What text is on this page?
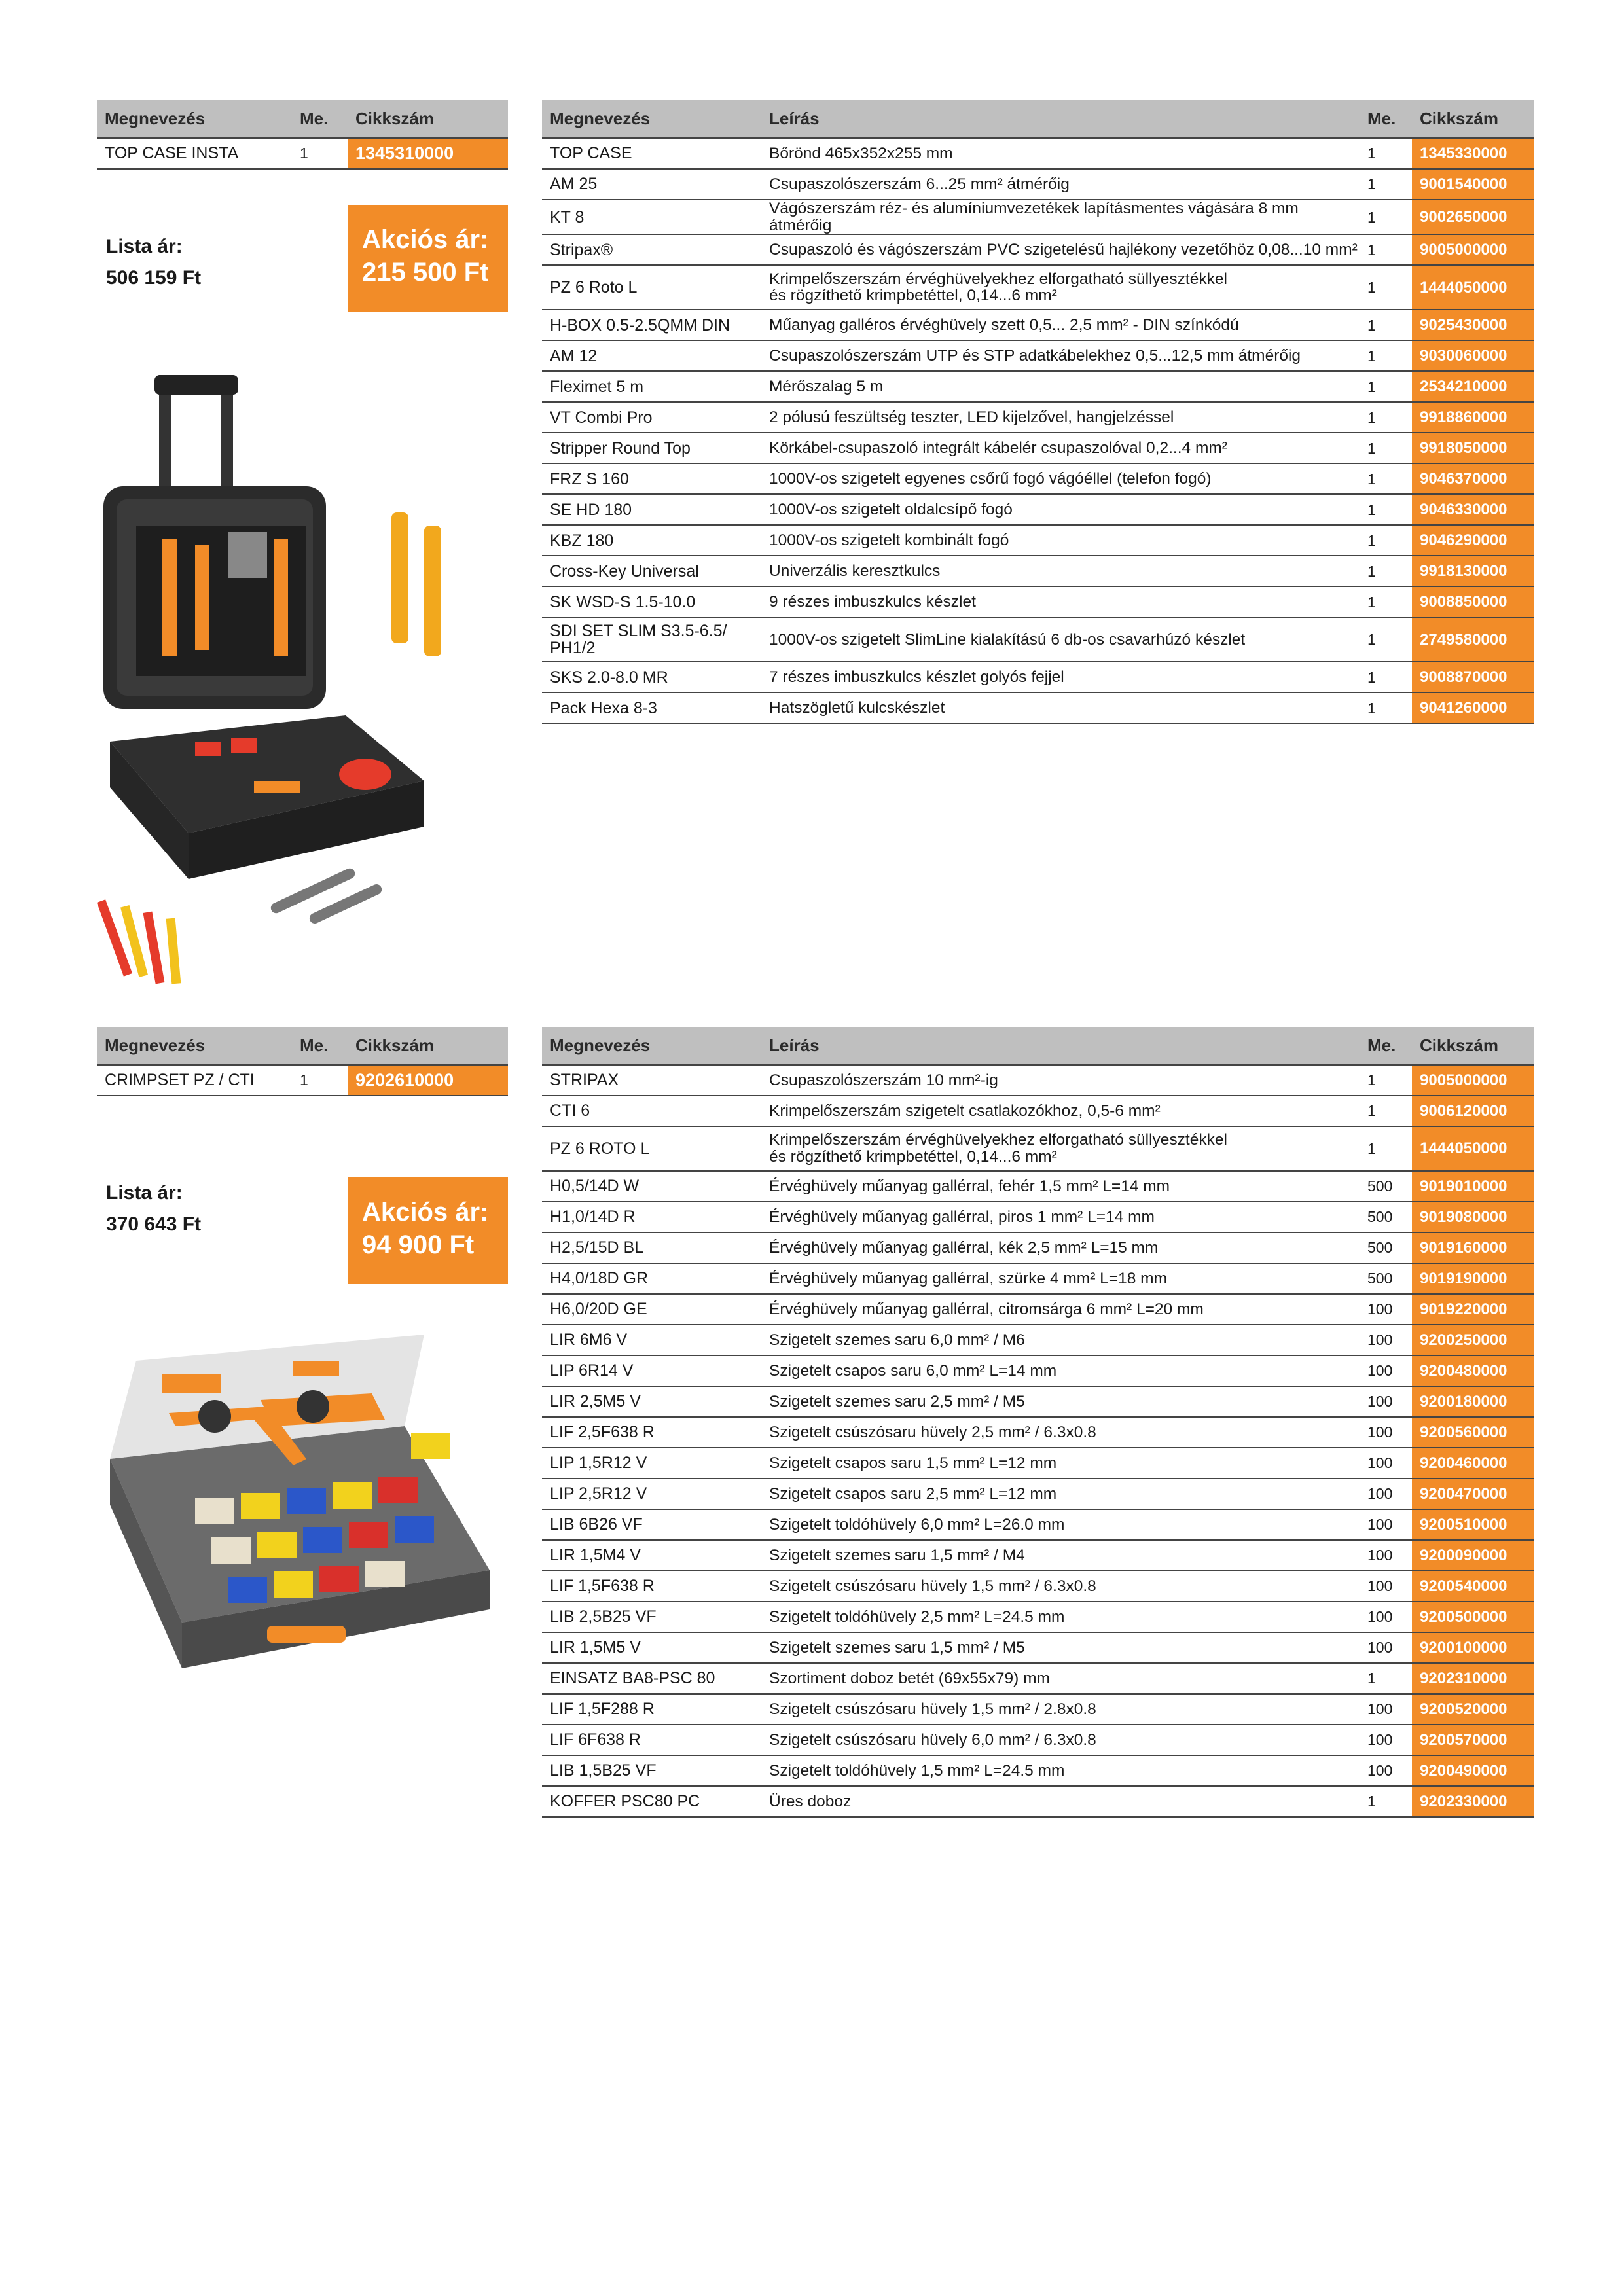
Megnevezés	Me.	Cikkszám
TOP CASE INSTA	1	1345310000
Lista ár:
506 159 Ft
Akciós ár:
215 500 Ft
Megnevezés	Leírás	Me.	Cikkszám
TOP CASE	Bőrönd 465x352x255 mm	1	1345330000
AM 25	Csupaszolószerszám 6...25 mm² átmérőig	1	9001540000
KT 8	Vágószerszám réz- és alumíniumvezetékek lapításmentes vágására 8 mm átmérőig	1	9002650000
Stripax®	Csupaszoló és vágószerszám PVC szigetelésű hajlékony vezetőhöz 0,08...10 mm²	1	9005000000
PZ 6 Roto L	Krimpelőszerszám érvéghüvelyekhez elforgatható süllyesztékkel
és rögzíthető krimpbetéttel, 0,14...6 mm²	1	1444050000
H-BOX 0.5-2.5QMM DIN	Műanyag galléros érvéghüvely szett 0,5... 2,5 mm² - DIN színkódú	1	9025430000
AM 12	Csupaszolószerszám UTP és STP adatkábelekhez 0,5...12,5 mm átmérőig	1	9030060000
Fleximet 5 m	Mérőszalag 5 m	1	2534210000
VT Combi Pro	2 pólusú feszültség teszter, LED kijelzővel, hangjelzéssel	1	9918860000
Stripper Round Top	Körkábel-csupaszoló integrált kábelér csupaszolóval 0,2...4 mm²	1	9918050000
FRZ S 160	1000V-os szigetelt egyenes csőrű fogó vágóéllel (telefon fogó)	1	9046370000
SE HD 180	1000V-os szigetelt oldalcsípő fogó	1	9046330000
KBZ 180	1000V-os szigetelt kombinált fogó	1	9046290000
Cross-Key Universal	Univerzális keresztkulcs	1	9918130000
SK WSD-S 1.5-10.0	9 részes imbuszkulcs készlet	1	9008850000

SDI SET SLIM S3.5-6.5/
PH1/2	1000V-os szigetelt SlimLine kialakítású 6 db-os csavarhúzó készlet	1	2749580000
SKS 2.0-8.0 MR	7 részes imbuszkulcs készlet golyós fejjel	1	9008870000
Pack Hexa 8-3	Hatszögletű kulcskészlet	1	9041260000
Megnevezés	Me.	Cikkszám
CRIMPSET PZ / CTI	1	9202610000
Lista ár:
370 643 Ft	Akciós ár:
94 900 Ft
Megnevezés	Leírás	Me.	Cikkszám
STRIPAX	Csupaszolószerszám 10 mm²-ig	1	9005000000
CTI 6	Krimpelőszerszám szigetelt csatlakozókhoz, 0,5-6 mm²	1	9006120000
PZ 6 ROTO L	Krimpelőszerszám érvéghüvelyekhez elforgatható süllyesztékkel
és rögzíthető krimpbetéttel, 0,14...6 mm²	1	1444050000
H0,5/14D W	Érvéghüvely műanyag gallérral, fehér 1,5 mm² L=14 mm	500	9019010000
H1,0/14D R	Érvéghüvely műanyag gallérral, piros 1 mm² L=14 mm	500	9019080000
H2,5/15D BL	Érvéghüvely műanyag gallérral, kék 2,5 mm² L=15 mm	500	9019160000
H4,0/18D GR	Érvéghüvely műanyag gallérral, szürke 4 mm² L=18 mm	500	9019190000
H6,0/20D GE	Érvéghüvely műanyag gallérral, citromsárga 6 mm² L=20 mm	100	9019220000
LIR 6M6 V	Szigetelt szemes saru 6,0 mm² / M6	100	9200250000
LIP 6R14 V	Szigetelt csapos saru 6,0 mm² L=14 mm	100	9200480000
LIR 2,5M5 V	Szigetelt szemes saru 2,5 mm² / M5	100	9200180000
LIF 2,5F638 R	Szigetelt csúszósaru hüvely 2,5 mm² / 6.3x0.8	100	9200560000
LIP 1,5R12 V	Szigetelt csapos saru 1,5 mm² L=12 mm	100	9200460000
LIP 2,5R12 V	Szigetelt csapos saru 2,5 mm² L=12 mm	100	9200470000
LIB 6B26 VF	Szigetelt toldóhüvely 6,0 mm² L=26.0 mm	100	9200510000
LIR 1,5M4 V	Szigetelt szemes saru 1,5 mm² / M4	100	9200090000
LIF 1,5F638 R	Szigetelt csúszósaru hüvely 1,5 mm² / 6.3x0.8	100	9200540000
LIB 2,5B25 VF	Szigetelt toldóhüvely 2,5 mm² L=24.5 mm	100	9200500000
LIR 1,5M5 V	Szigetelt szemes saru 1,5 mm² / M5	100	9200100000
EINSATZ BA8-PSC 80	Szortiment doboz betét (69x55x79) mm	1	9202310000
LIF 1,5F288 R	Szigetelt csúszósaru hüvely 1,5 mm² / 2.8x0.8	100	9200520000
LIF 6F638 R	Szigetelt csúszósaru hüvely 6,0 mm² / 6.3x0.8	100	9200570000
LIB 1,5B25 VF	Szigetelt toldóhüvely 1,5 mm² L=24.5 mm	100	9200490000
KOFFER PSC80 PC	Üres doboz	1	9202330000
